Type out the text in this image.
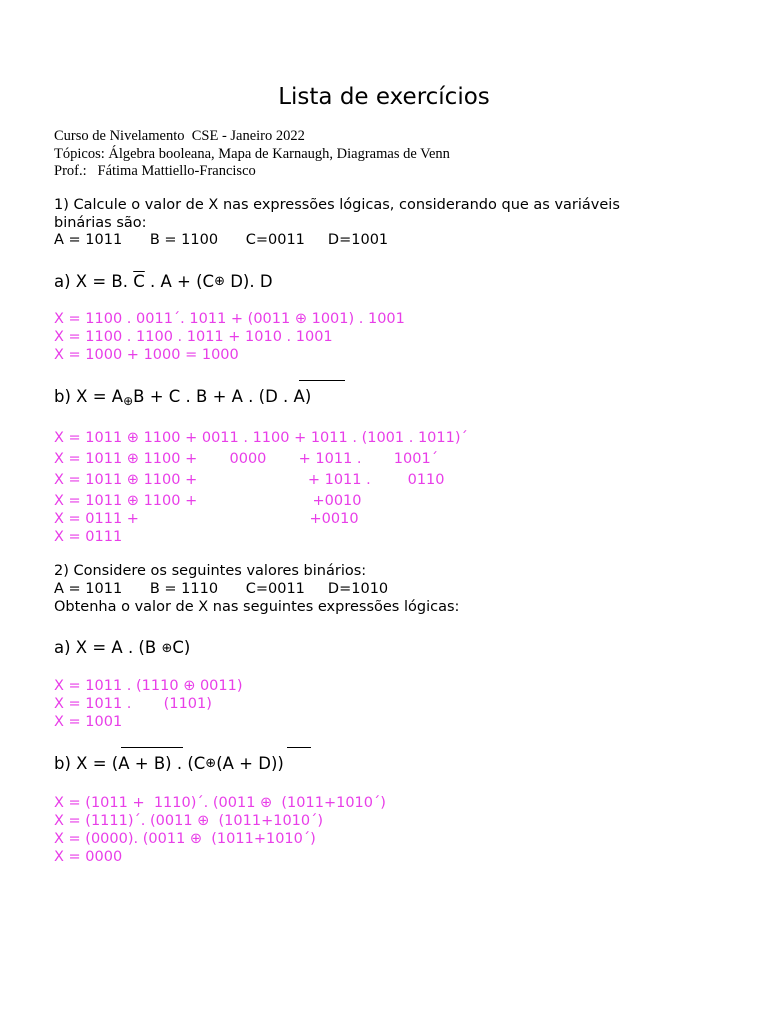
Lista de exercícios
Curso de Nivelamento  CSE - Janeiro 2022
Tópicos: Álgebra booleana, Mapa de Karnaugh, Diagramas de Venn
Prof.:   Fátima Mattiello-Francisco
1) Calcule o valor de X nas expressões lógicas, considerando que as variáveis
binárias são:
A = 1011      B = 1100      C=0011     D=1001
a) X = B. $\overline{C}$ . A + (C⊕ D). D
X = 1100 . 0011´. 1011 + (0011 ⊕ 1001) . 1001
X = 1100 . 1100 . 1011 + 1010 . 1001
X = 1000 + 1000 = 1000
b) X = A⊕B + C . B + A . (D . A)
X = 1011 ⊕ 1100 + 0011 . 1100 + 1011 . (1001 . 1011)´
X = 1011 ⊕ 1100 +       0000       + 1011 .       1001´
X = 1011 ⊕ 1100 +                        + 1011 .        0110
X = 1011 ⊕ 1100 +                         +0010
X = 0111 +                                     +0010
X = 0111
2) Considere os seguintes valores binários:
A = 1011      B = 1110      C=0011     D=1010
Obtenha o valor de X nas seguintes expressões lógicas:
a) X = A . (B ⊕C)
X = 1011 . (1110 ⊕ 0011)
X = 1011 .       (1101)
X = 1001
b) X = (A + B) . (C⊕(A + D))
X = (1011 +  1110)´. (0011 ⊕  (1011+1010´)
X = (1111)´. (0011 ⊕  (1011+1010´)
X = (0000). (0011 ⊕  (1011+1010´)
X = 0000
